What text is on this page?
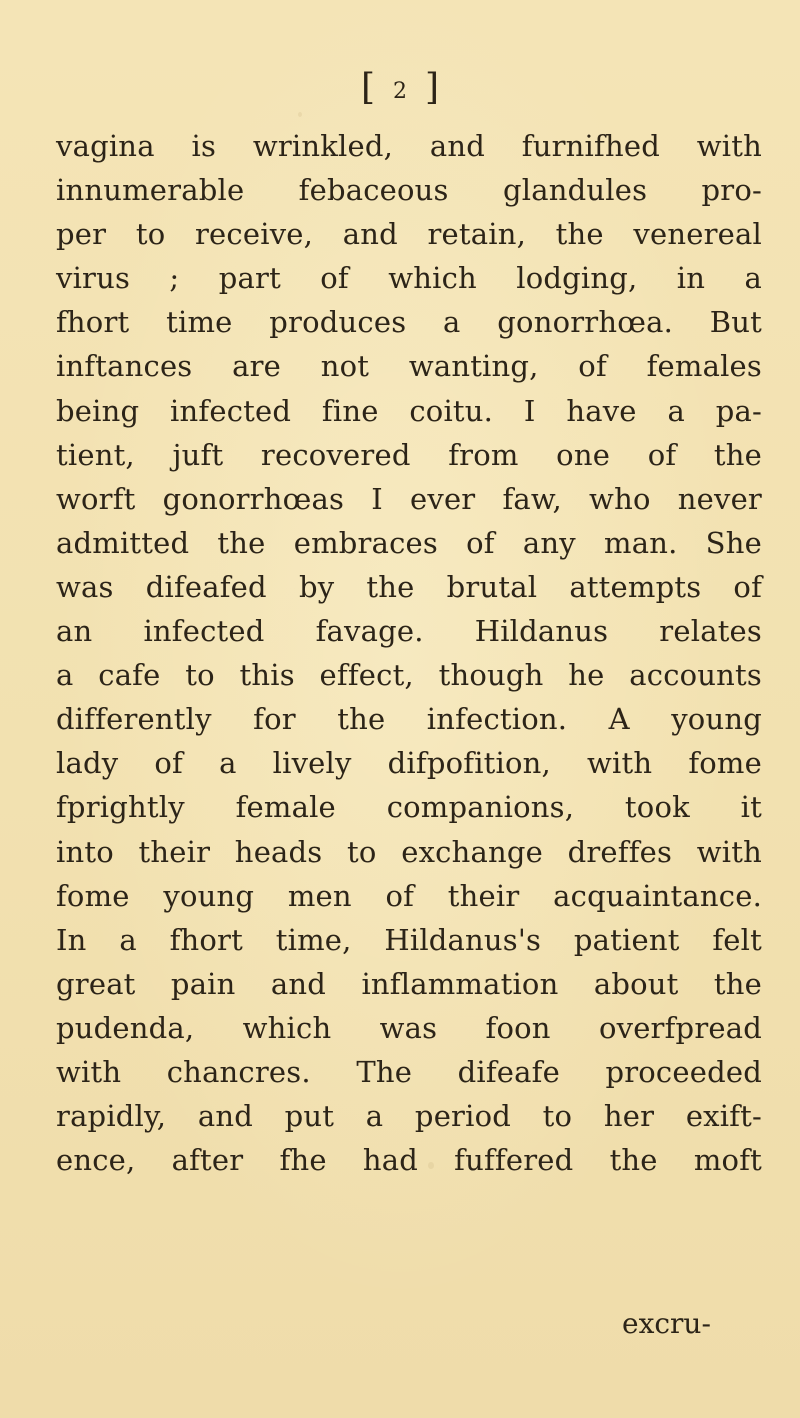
[ 2 ]
vagina is wrinkled, and furnifhed with
innumerable febaceous glandules pro-
per to receive, and retain, the venereal
virus ; part of which lodging, in a
fhort time produces a gonorrhœa. But
inftances are not wanting, of females
being infected fine coitu. I have a pa-
tient, juft recovered from one of the
worft gonorrhœas I ever faw, who never
admitted the embraces of any man. She
was difeafed by the brutal attempts of
an infected favage. Hildanus relates
a cafe to this effect, though he accounts
differently for the infection. A young
lady of a lively difpofition, with fome
fprightly female companions, took it
into their heads to exchange dreffes with
fome young men of their acquaintance.
In a fhort time, Hildanus's patient felt
great pain and inflammation about the
pudenda, which was foon overfpread
with chancres. The difeafe proceeded
rapidly, and put a period to her exift-
ence, after fhe had fuffered the moft
excru-
